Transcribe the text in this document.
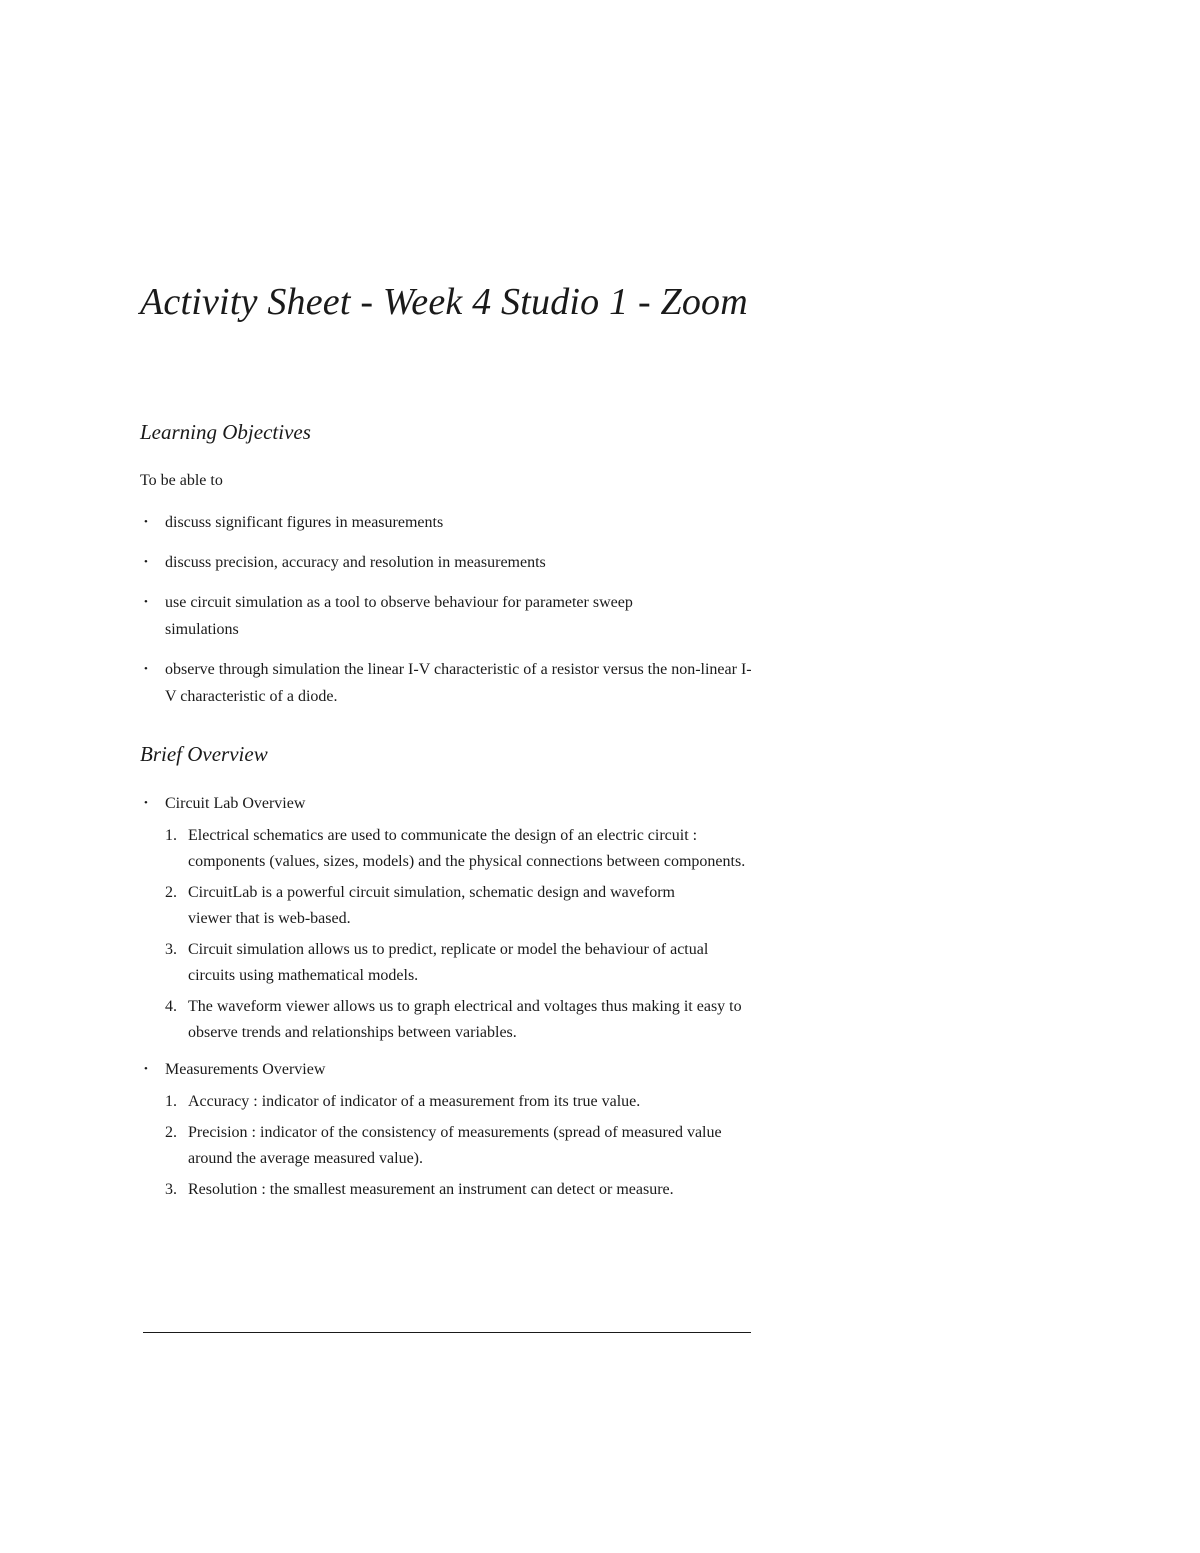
Activity Sheet - Week 4 Studio 1 - Zoom
Learning Objectives

To be able to

• discuss significant figures in measurements
• discuss precision, accuracy and resolution in measurements
• use circuit simulation as a tool to observe behaviour for parameter sweep simulations
• observe through simulation the linear I-V characteristic of a resistor versus the non-linear I-V characteristic of a diode.
Brief Overview
• Circuit Lab Overview
1. Electrical schematics are used to communicate the design of an electric circuit : components (values, sizes, models) and the physical connections between components.
2. CircuitLab is a powerful circuit simulation, schematic design and waveform viewer that is web-based.
3. Circuit simulation allows us to predict, replicate or model the behaviour of actual circuits using mathematical models.
4. The waveform viewer allows us to graph electrical and voltages thus making it easy to observe trends and relationships between variables.
• Measurements Overview
1. Accuracy : indicator of indicator of a measurement from its true value.
2. Precision : indicator of the consistency of measurements (spread of measured value around the average measured value).
3. Resolution : the smallest measurement an instrument can detect or measure.
